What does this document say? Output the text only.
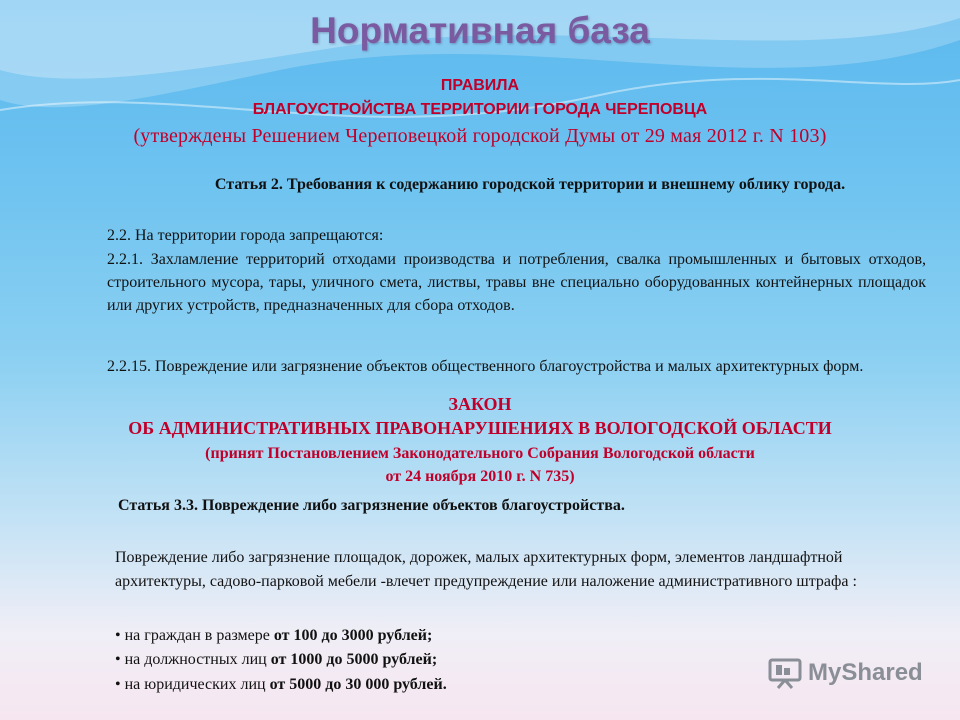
Нормативная база
ПРАВИЛА
БЛАГОУСТРОЙСТВА ТЕРРИТОРИИ ГОРОДА ЧЕРЕПОВЦА
(утверждены Решением Череповецкой городской Думы от 29 мая 2012 г. N 103)
Статья 2. Требования к содержанию городской территории и внешнему облику города.
2.2. На территории города запрещаются:
2.2.1. Захламление территорий отходами производства и потребления, свалка промышленных и бытовых отходов, строительного мусора, тары, уличного смета, листвы, травы вне специально оборудованных контейнерных площадок или других устройств, предназначенных для сбора отходов.
2.2.15. Повреждение или загрязнение объектов общественного благоустройства и малых архитектурных форм.
ЗАКОН
ОБ АДМИНИСТРАТИВНЫХ ПРАВОНАРУШЕНИЯХ В ВОЛОГОДСКОЙ ОБЛАСТИ
(принят Постановлением Законодательного Собрания Вологодской области
от 24 ноября 2010 г. N 735)
Статья 3.3. Повреждение либо загрязнение объектов благоустройства.
Повреждение либо загрязнение площадок, дорожек, малых архитектурных форм, элементов ландшафтной архитектуры, садово-парковой мебели -влечет предупреждение или наложение административного штрафа :
• на граждан в размере от 100 до 3000 рублей;
• на должностных лиц от 1000 до 5000 рублей;
• на юридических лиц от 5000 до 30 000 рублей.	MyShared
